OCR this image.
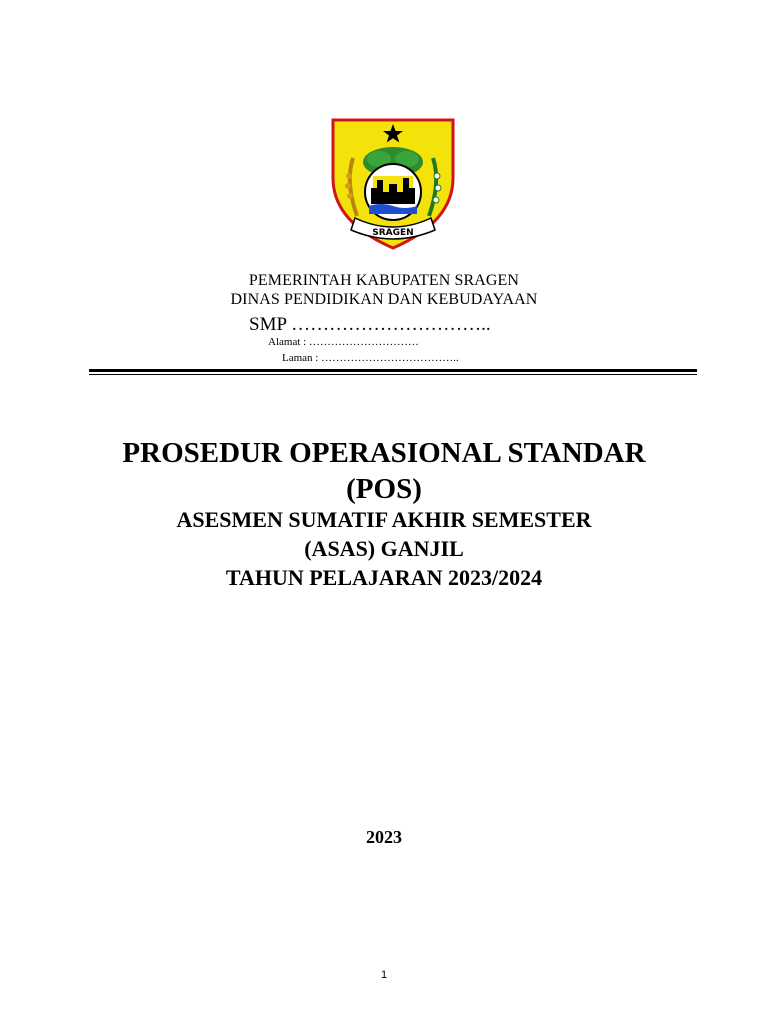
SRAGEN
PEMERINTAH KABUPATEN SRAGEN
DINAS PENDIDIKAN DAN KEBUDAYAAN
SMP …………………………..
Alamat : …………………………
Laman : ………………………………..
PROSEDUR OPERASIONAL STANDAR
(POS)
ASESMEN SUMATIF AKHIR SEMESTER
(ASAS) GANJIL
TAHUN PELAJARAN 2023/2024
2023
1
